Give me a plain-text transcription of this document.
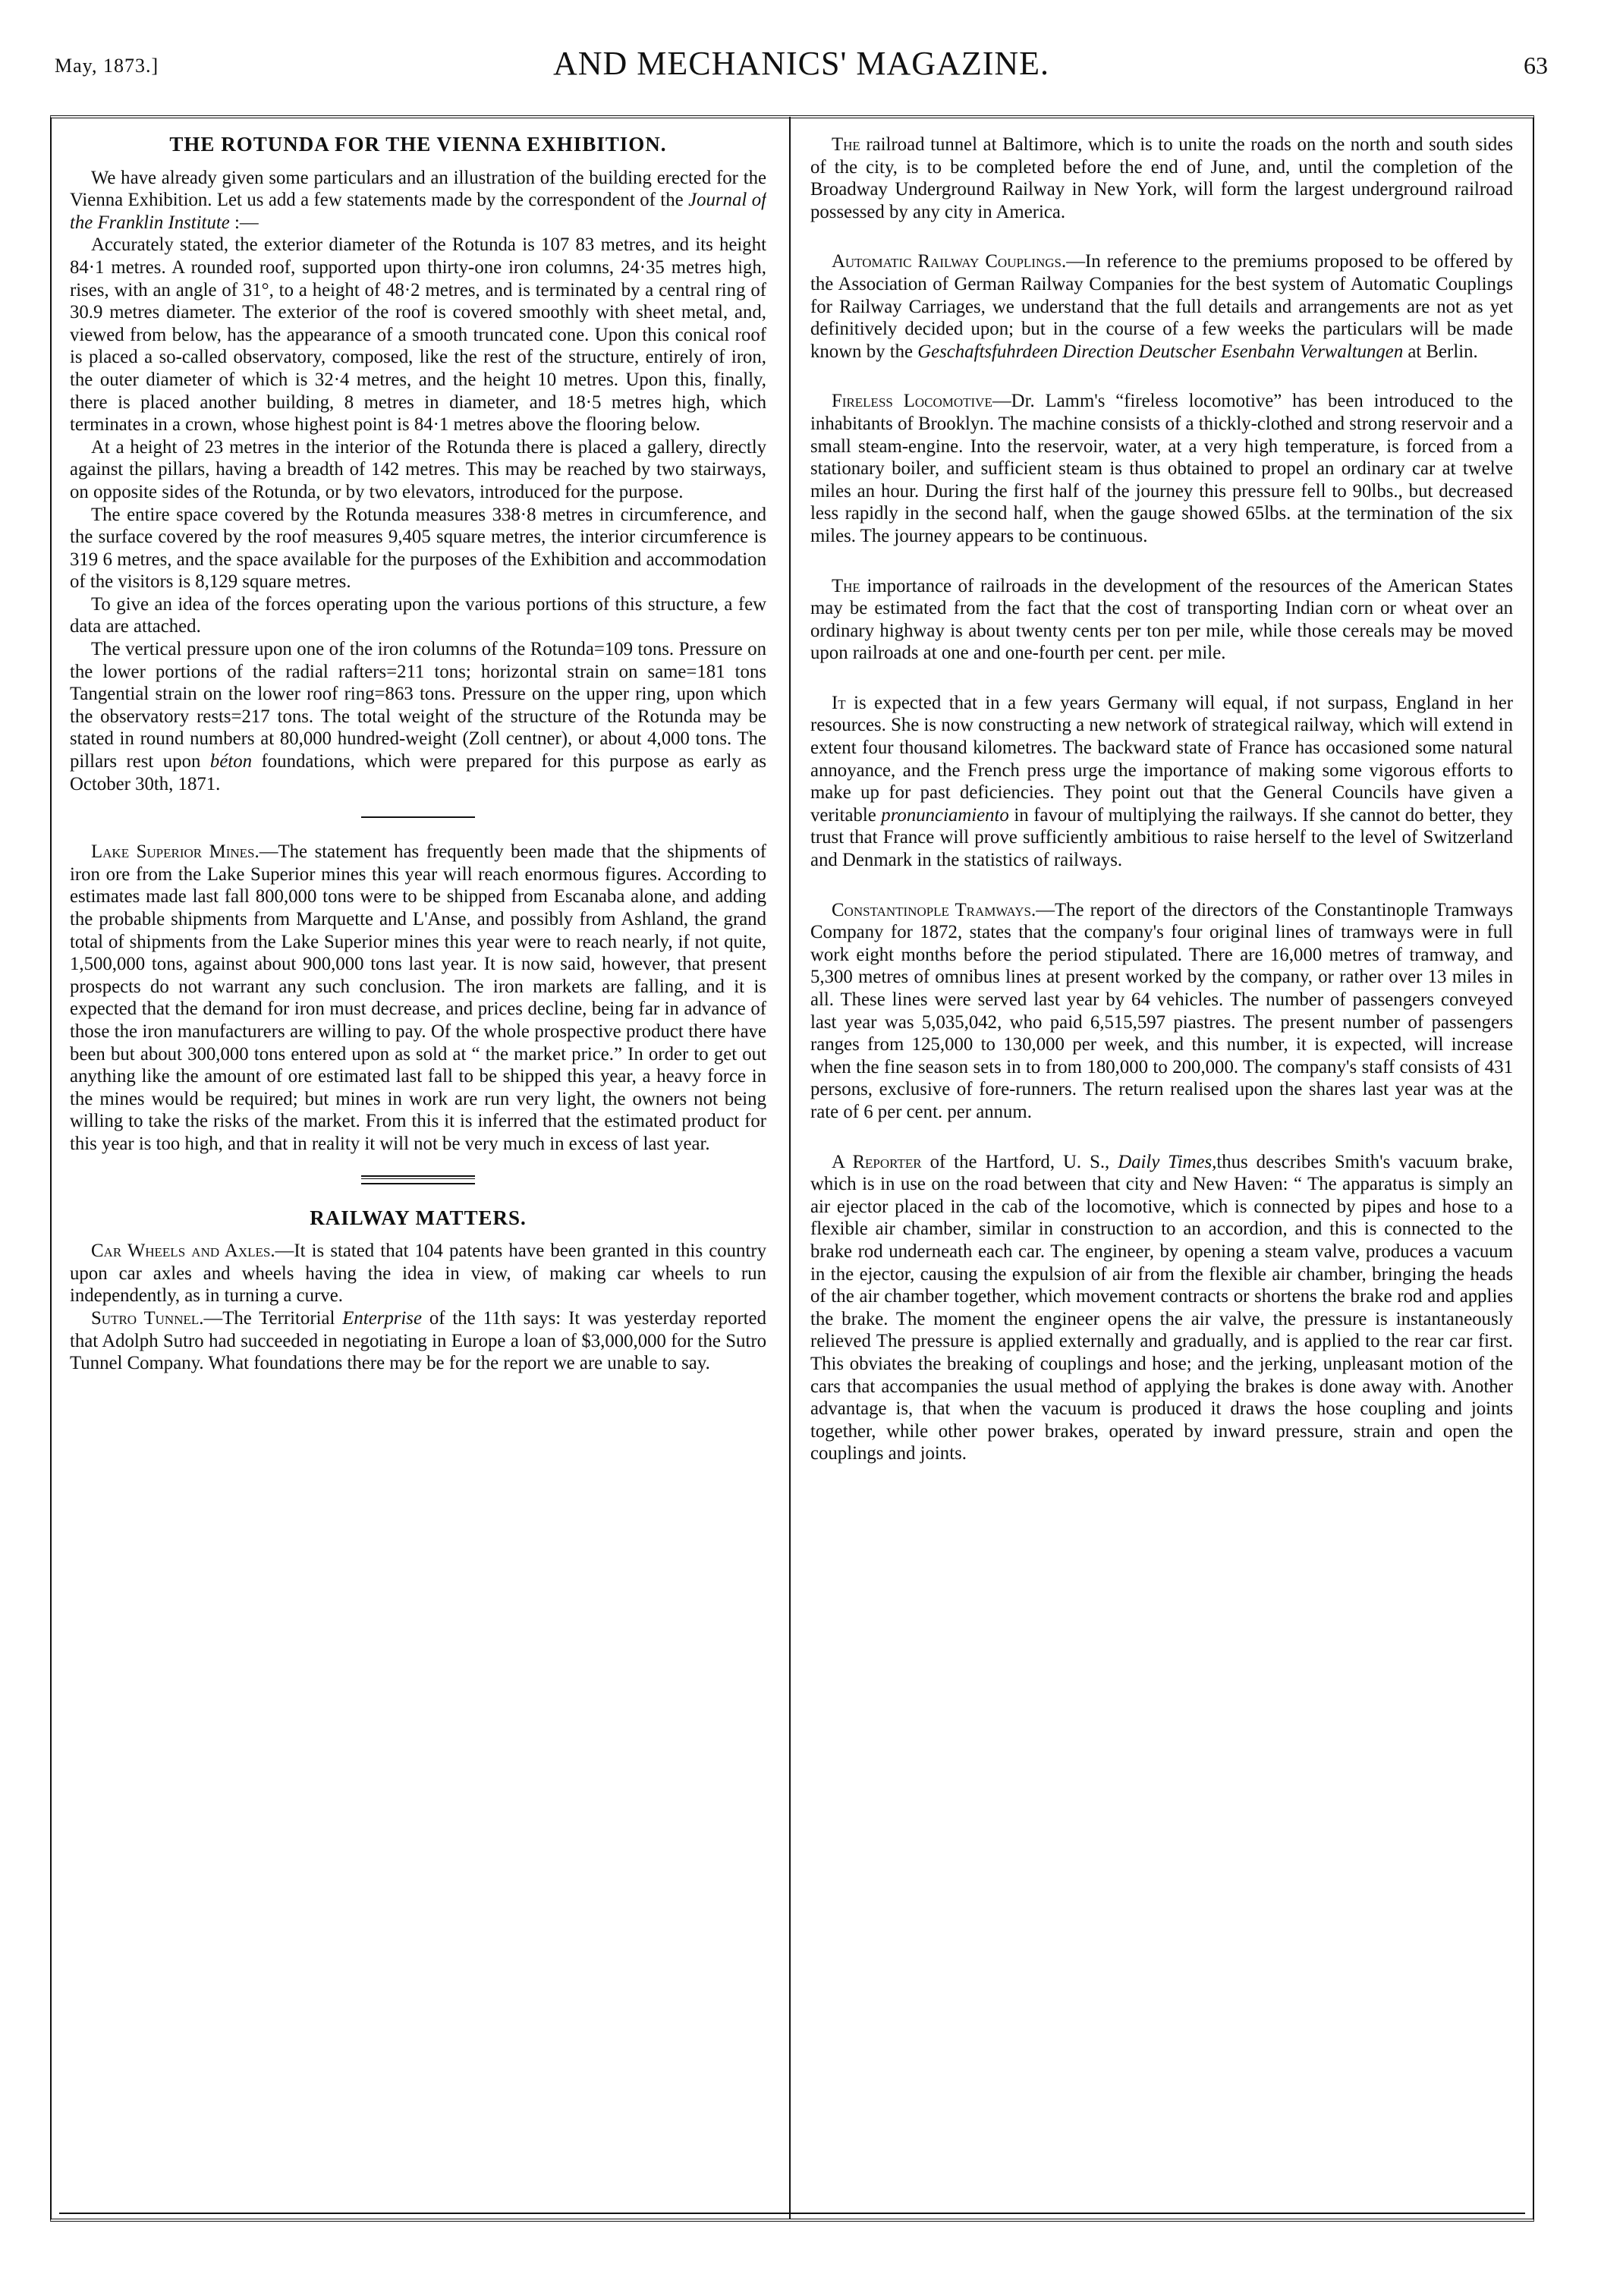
May, 1873.]	AND MECHANICS' MAGAZINE.	63
THE ROTUNDA FOR THE VIENNA EXHIBITION.

We have already given some particulars and an illustration of the building erected for the Vienna Exhibition. Let us add a few statements made by the correspondent of the Journal of the Franklin Institute :—

Accurately stated, the exterior diameter of the Rotunda is 107 83 metres, and its height 84·1 metres. A rounded roof, supported upon thirty-one iron columns, 24·35 metres high, rises, with an angle of 31°, to a height of 48·2 metres, and is terminated by a central ring of 30.9 metres diameter. The exterior of the roof is covered smoothly with sheet metal, and, viewed from below, has the appearance of a smooth truncated cone. Upon this conical roof is placed a so-called observatory, composed, like the rest of the structure, entirely of iron, the outer diameter of which is 32·4 metres, and the height 10 metres. Upon this, finally, there is placed another building, 8 metres in diameter, and 18·5 metres high, which terminates in a crown, whose highest point is 84·1 metres above the flooring below.

At a height of 23 metres in the interior of the Rotunda there is placed a gallery, directly against the pillars, having a breadth of 142 metres. This may be reached by two stairways, on opposite sides of the Rotunda, or by two elevators, introduced for the purpose.

The entire space covered by the Rotunda measures 338·8 metres in circumference, and the surface covered by the roof measures 9,405 square metres, the interior circumference is 319 6 metres, and the space available for the purposes of the Exhibition and accommodation of the visitors is 8,129 square metres.

To give an idea of the forces operating upon the various portions of this structure, a few data are attached.

The vertical pressure upon one of the iron columns of the Rotunda=109 tons. Pressure on the lower portions of the radial rafters=211 tons; horizontal strain on same=181 tons Tangential strain on the lower roof ring=863 tons. Pressure on the upper ring, upon which the observatory rests=217 tons. The total weight of the structure of the Rotunda may be stated in round numbers at 80,000 hundred-weight (Zoll centner), or about 4,000 tons. The pillars rest upon béton foundations, which were prepared for this purpose as early as October 30th, 1871.

Lake Superior Mines.—The statement has frequently been made that the shipments of iron ore from the Lake Superior mines this year will reach enormous figures. According to estimates made last fall 800,000 tons were to be shipped from Escanaba alone, and adding the probable shipments from Marquette and L'Anse, and possibly from Ashland, the grand total of shipments from the Lake Superior mines this year were to reach nearly, if not quite, 1,500,000 tons, against about 900,000 tons last year. It is now said, however, that present prospects do not warrant any such conclusion. The iron markets are falling, and it is expected that the demand for iron must decrease, and prices decline, being far in advance of those the iron manufacturers are willing to pay. Of the whole prospective product there have been but about 300,000 tons entered upon as sold at “ the market price.” In order to get out anything like the amount of ore estimated last fall to be shipped this year, a heavy force in the mines would be required; but mines in work are run very light, the owners not being willing to take the risks of the market. From this it is inferred that the estimated product for this year is too high, and that in reality it will not be very much in excess of last year.

RAILWAY MATTERS.

Car Wheels and Axles.—It is stated that 104 patents have been granted in this country upon car axles and wheels having the idea in view, of making car wheels to run independently, as in turning a curve.

Sutro Tunnel.—The Territorial Enterprise of the 11th says: It was yesterday reported that Adolph Sutro had succeeded in negotiating in Europe a loan of $3,000,000 for the Sutro Tunnel Company. What foundations there may be for the report we are unable to say.

The railroad tunnel at Baltimore, which is to unite the roads on the north and south sides of the city, is to be completed before the end of June, and, until the completion of the Broadway Underground Railway in New York, will form the largest underground railroad possessed by any city in America.

Automatic Railway Couplings.—In reference to the premiums proposed to be offered by the Association of German Railway Companies for the best system of Automatic Couplings for Railway Carriages, we understand that the full details and arrangements are not as yet definitively decided upon; but in the course of a few weeks the particulars will be made known by the Geschaftsfuhrdeen Direction Deutscher Esenbahn Verwaltungen at Berlin.

Fireless Locomotive—Dr. Lamm's “fireless locomotive” has been introduced to the inhabitants of Brooklyn. The machine consists of a thickly-clothed and strong reservoir and a small steam-engine. Into the reservoir, water, at a very high temperature, is forced from a stationary boiler, and sufficient steam is thus obtained to propel an ordinary car at twelve miles an hour. During the first half of the journey this pressure fell to 90lbs., but decreased less rapidly in the second half, when the gauge showed 65lbs. at the termination of the six miles. The journey appears to be continuous.

The importance of railroads in the development of the resources of the American States may be estimated from the fact that the cost of transporting Indian corn or wheat over an ordinary highway is about twenty cents per ton per mile, while those cereals may be moved upon railroads at one and one-fourth per cent. per mile.

It is expected that in a few years Germany will equal, if not surpass, England in her resources. She is now constructing a new network of strategical railway, which will extend in extent four thousand kilometres. The backward state of France has occasioned some natural annoyance, and the French press urge the importance of making some vigorous efforts to make up for past deficiencies. They point out that the General Councils have given a veritable pronunciamiento in favour of multiplying the railways. If she cannot do better, they trust that France will prove sufficiently ambitious to raise herself to the level of Switzerland and Denmark in the statistics of railways.

Constantinople Tramways.—The report of the directors of the Constantinople Tramways Company for 1872, states that the company's four original lines of tramways were in full work eight months before the period stipulated. There are 16,000 metres of tramway, and 5,300 metres of omnibus lines at present worked by the company, or rather over 13 miles in all. These lines were served last year by 64 vehicles. The number of passengers conveyed last year was 5,035,042, who paid 6,515,597 piastres. The present number of passengers ranges from 125,000 to 130,000 per week, and this number, it is expected, will increase when the fine season sets in to from 180,000 to 200,000. The company's staff consists of 431 persons, exclusive of fore-runners. The return realised upon the shares last year was at the rate of 6 per cent. per annum.

A Reporter of the Hartford, U. S., Daily Times,thus describes Smith's vacuum brake, which is in use on the road between that city and New Haven: “ The apparatus is simply an air ejector placed in the cab of the locomotive, which is connected by pipes and hose to a flexible air chamber, similar in construction to an accordion, and this is connected to the brake rod underneath each car. The engineer, by opening a steam valve, produces a vacuum in the ejector, causing the expulsion of air from the flexible air chamber, bringing the heads of the air chamber together, which movement contracts or shortens the brake rod and applies the brake. The moment the engineer opens the air valve, the pressure is instantaneously relieved The pressure is applied externally and gradually, and is applied to the rear car first. This obviates the breaking of couplings and hose; and the jerking, unpleasant motion of the cars that accompanies the usual method of applying the brakes is done away with. Another advantage is, that when the vacuum is produced it draws the hose coupling and joints together, while other power brakes, operated by inward pressure, strain and open the couplings and joints.
